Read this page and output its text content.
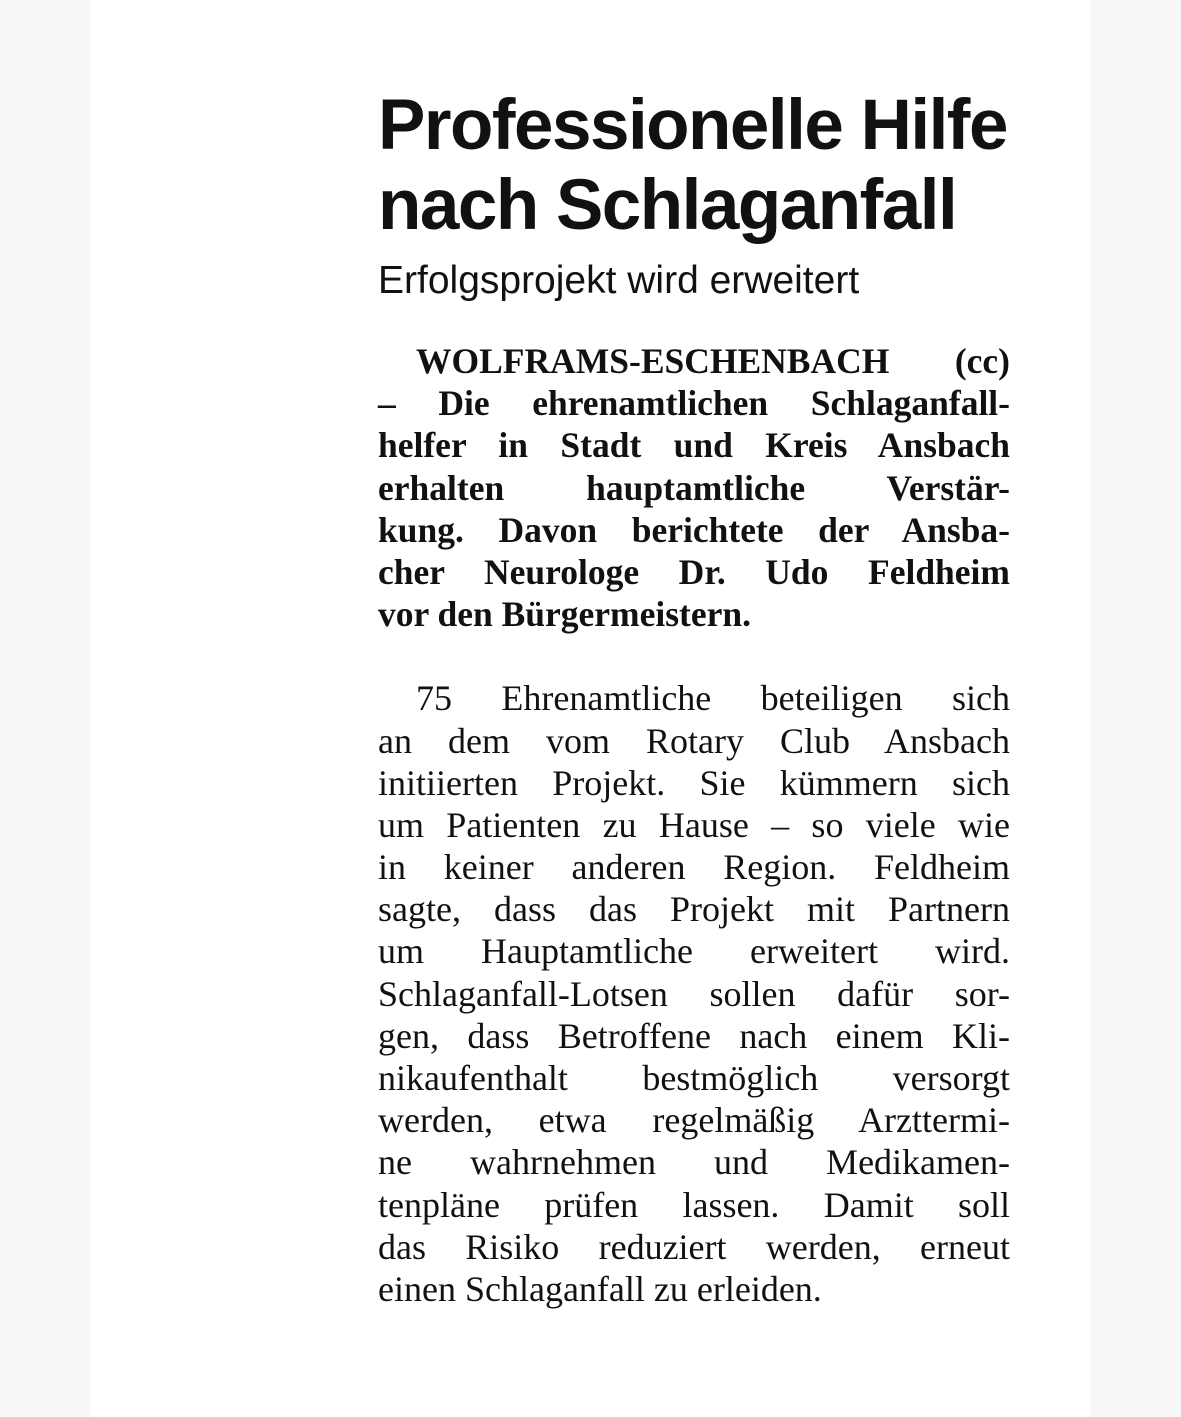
Professionelle Hilfe
nach Schlaganfall
Erfolgsprojekt wird erweitert
WOLFRAMS-ESCHENBACH (cc)
– Die ehrenamtlichen Schlaganfall-
helfer in Stadt und Kreis Ansbach
erhalten hauptamtliche Verstär-
kung. Davon berichtete der Ansba-
cher Neurologe Dr. Udo Feldheim
vor den Bürgermeistern.
75 Ehrenamtliche beteiligen sich
an dem vom Rotary Club Ansbach
initiierten Projekt. Sie kümmern sich
um Patienten zu Hause – so viele wie
in keiner anderen Region. Feldheim
sagte, dass das Projekt mit Partnern
um Hauptamtliche erweitert wird.
Schlaganfall-Lotsen sollen dafür sor-
gen, dass Betroffene nach einem Kli-
nikaufenthalt bestmöglich versorgt
werden, etwa regelmäßig Arzttermi-
ne wahrnehmen und Medikamen-
tenpläne prüfen lassen. Damit soll
das Risiko reduziert werden, erneut
einen Schlaganfall zu erleiden.
